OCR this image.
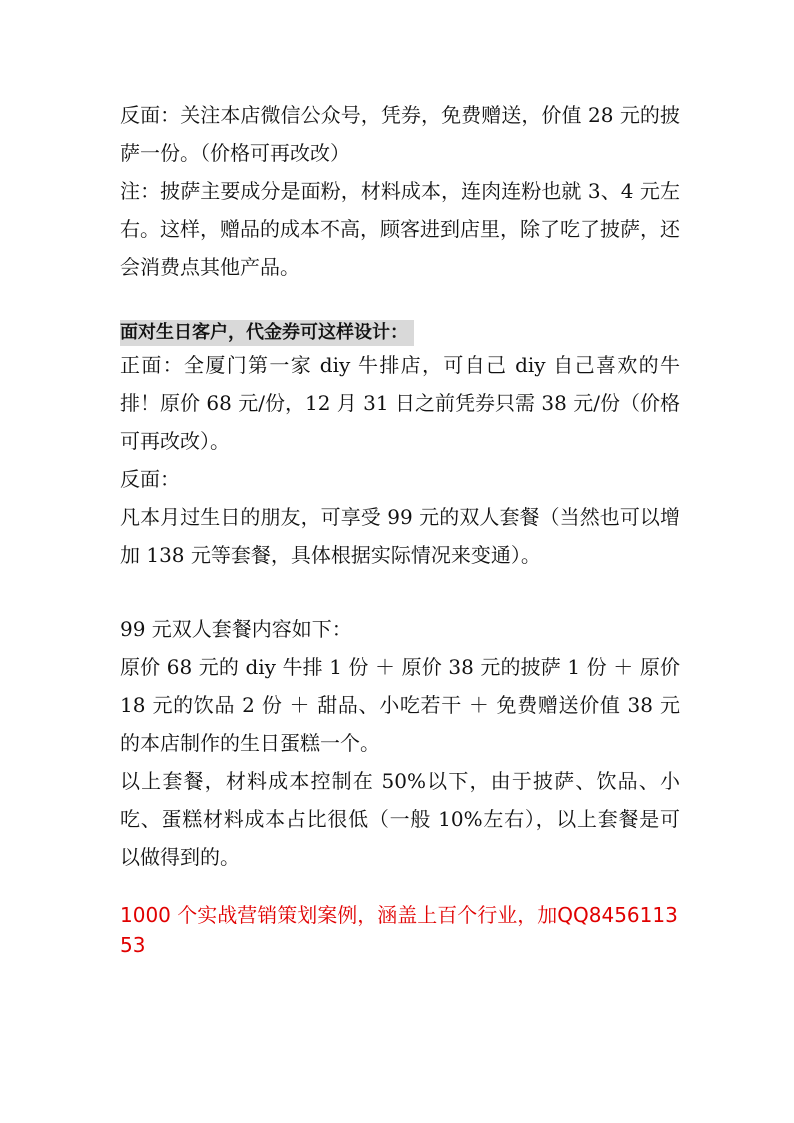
反面：关注本店微信公众号，凭券，免费赠送，价值 28 元的披萨一份。（价格可再改改）

注：披萨主要成分是面粉，材料成本，连肉连粉也就 3、4 元左右。这样，赠品的成本不高，顾客进到店里，除了吃了披萨，还会消费点其他产品。

面对生日客户，代金券可这样设计：

正面：全厦门第一家 diy 牛排店，可自己 diy 自己喜欢的牛排！原价 68 元/份，12 月 31 日之前凭券只需 38 元/份（价格可再改改）。

反面：

凡本月过生日的朋友，可享受 99 元的双人套餐（当然也可以增加 138 元等套餐，具体根据实际情况来变通）。

99 元双人套餐内容如下：

原价 68 元的 diy 牛排 1 份 ＋ 原价 38 元的披萨 1 份 ＋ 原价 18 元的饮品 2 份 ＋ 甜品、小吃若干 ＋ 免费赠送价值 38 元的本店制作的生日蛋糕一个。

以上套餐，材料成本控制在 50%以下，由于披萨、饮品、小吃、蛋糕材料成本占比很低（一般 10%左右），以上套餐是可以做得到的。

1000 个实战营销策划案例，涵盖上百个行业，加QQ845611353
